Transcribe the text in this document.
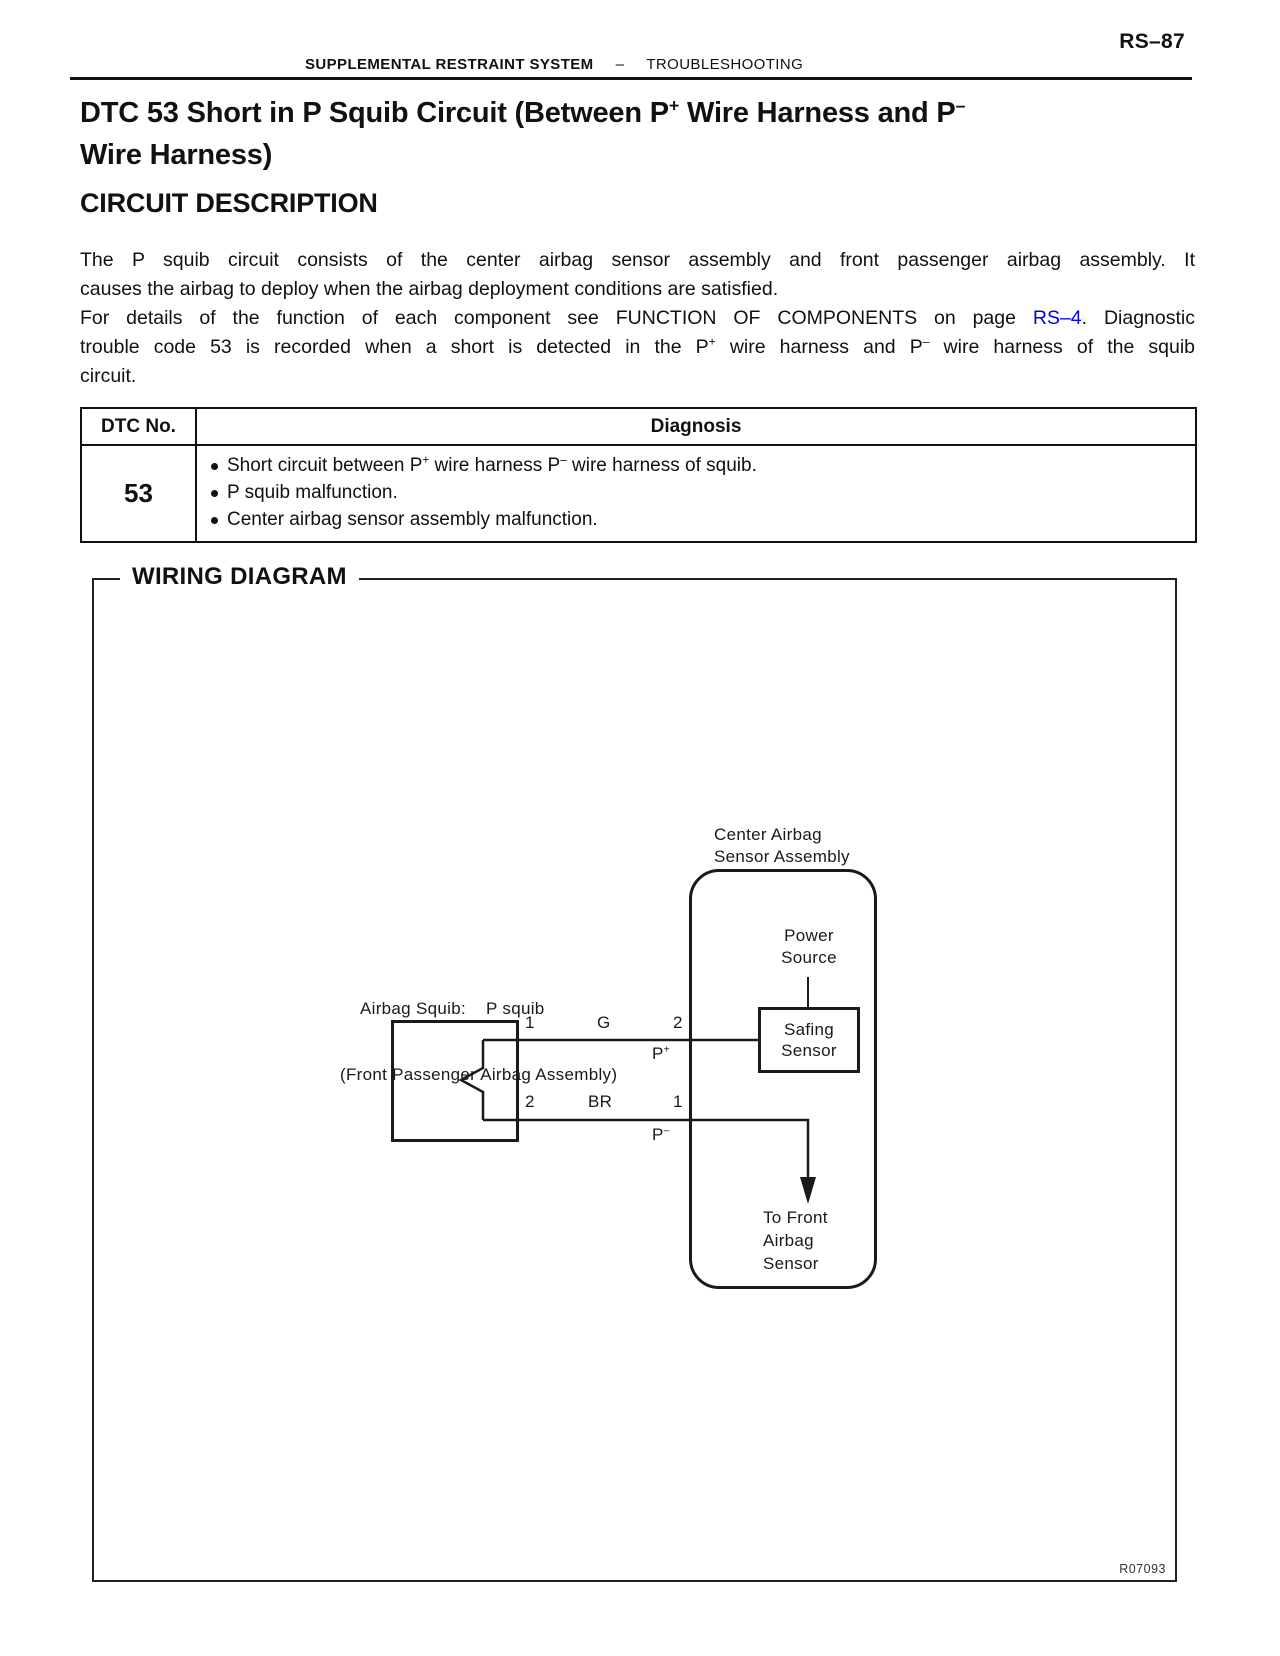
RS–87
SUPPLEMENTAL RESTRAINT SYSTEM – TROUBLESHOOTING
DTC 53 Short in P Squib Circuit (Between P+ Wire Harness and P–
Wire Harness)
CIRCUIT DESCRIPTION
The P squib circuit consists of the center airbag sensor assembly and front passenger airbag assembly. It
causes the airbag to deploy when the airbag deployment conditions are satisfied.
For details of the function of each component see FUNCTION OF COMPONENTS on page RS–4. Diagnostic
trouble code 53 is recorded when a short is detected in the P+ wire harness and P– wire harness of the squib
circuit.
DTC No.	Diagnosis
53	
Short circuit between P+ wire harness P– wire harness of squib.
P squib malfunction.
Center airbag sensor assembly malfunction.
WIRING DIAGRAM
Center Airbag
Sensor Assembly
Power
Source
Safing
Sensor

Airbag Squib:    P squib

(Front Passenger Airbag Assembly)

1	G	2
P+
2	BR	1
P–
To Front
Airbag
Sensor
R07093
